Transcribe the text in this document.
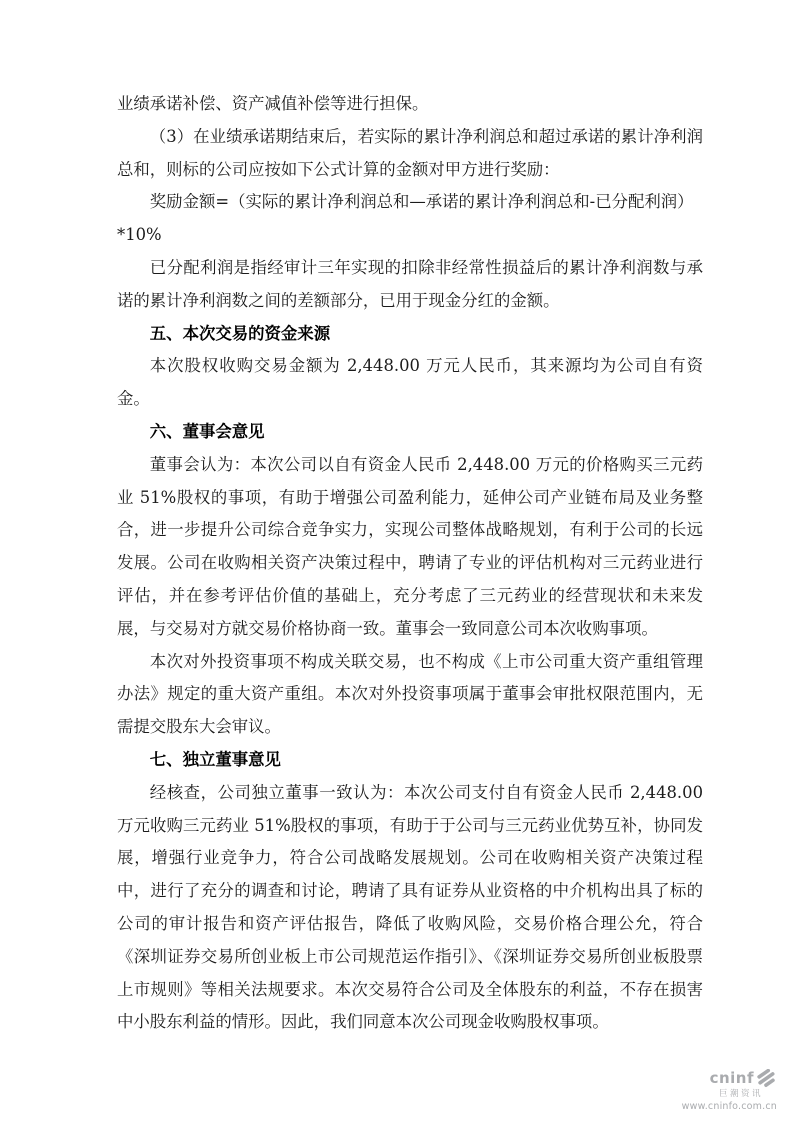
业绩承诺补偿、资产减值补偿等进行担保。

（3）在业绩承诺期结束后，若实际的累计净利润总和超过承诺的累计净利润总和，则标的公司应按如下公式计算的金额对甲方进行奖励：

奖励金额=（实际的累计净利润总和—承诺的累计净利润总和-已分配利润）

*10%

已分配利润是指经审计三年实现的扣除非经常性损益后的累计净利润数与承诺的累计净利润数之间的差额部分，已用于现金分红的金额。

五、本次交易的资金来源

本次股权收购交易金额为 2,448.00 万元人民币，其来源均为公司自有资金。

六、董事会意见

董事会认为：本次公司以自有资金人民币 2,448.00 万元的价格购买三元药业 51%股权的事项，有助于增强公司盈利能力，延伸公司产业链布局及业务整合，进一步提升公司综合竞争实力，实现公司整体战略规划，有利于公司的长远发展。公司在收购相关资产决策过程中，聘请了专业的评估机构对三元药业进行评估，并在参考评估价值的基础上，充分考虑了三元药业的经营现状和未来发展，与交易对方就交易价格协商一致。董事会一致同意公司本次收购事项。

本次对外投资事项不构成关联交易，也不构成《上市公司重大资产重组管理办法》规定的重大资产重组。本次对外投资事项属于董事会审批权限范围内，无需提交股东大会审议。

七、独立董事意见

经核查，公司独立董事一致认为：本次公司支付自有资金人民币 2,448.00 万元收购三元药业 51%股权的事项，有助于于公司与三元药业优势互补，协同发展，增强行业竞争力，符合公司战略发展规划。公司在收购相关资产决策过程中，进行了充分的调查和讨论，聘请了具有证券从业资格的中介机构出具了标的公司的审计报告和资产评估报告，降低了收购风险，交易价格合理公允，符合《深圳证券交易所创业板上市公司规范运作指引》、《深圳证券交易所创业板股票上市规则》等相关法规要求。本次交易符合公司及全体股东的利益，不存在损害中小股东利益的情形。因此，我们同意本次公司现金收购股权事项。

cninf
巨潮资讯
www.cninfo.com.cn
